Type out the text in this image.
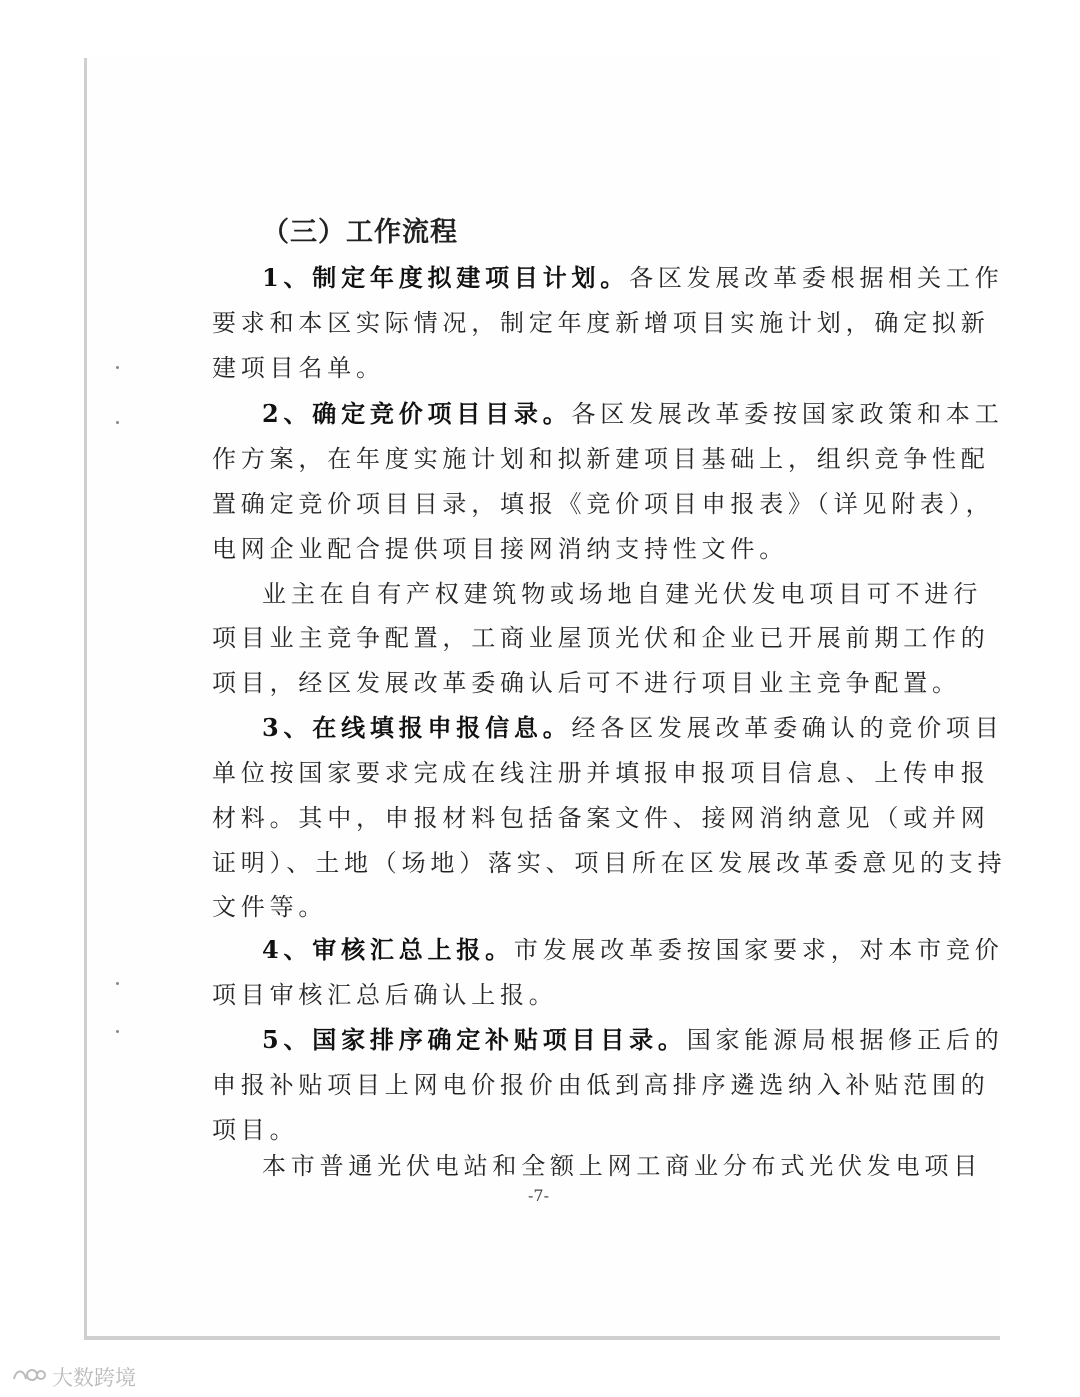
（三）工作流程
1、制定年度拟建项目计划。各区发展改革委根据相关工作
要求和本区实际情况，制定年度新增项目实施计划，确定拟新
建项目名单。
2、确定竞价项目目录。各区发展改革委按国家政策和本工
作方案，在年度实施计划和拟新建项目基础上，组织竞争性配
置确定竞价项目目录，填报《竞价项目申报表》（详见附表），
电网企业配合提供项目接网消纳支持性文件。
业主在自有产权建筑物或场地自建光伏发电项目可不进行
项目业主竞争配置，工商业屋顶光伏和企业已开展前期工作的
项目，经区发展改革委确认后可不进行项目业主竞争配置。
3、在线填报申报信息。经各区发展改革委确认的竞价项目
单位按国家要求完成在线注册并填报申报项目信息、上传申报
材料。其中，申报材料包括备案文件、接网消纳意见（或并网
证明）、土地（场地）落实、项目所在区发展改革委意见的支持
文件等。
4、审核汇总上报。市发展改革委按国家要求，对本市竞价
项目审核汇总后确认上报。
5、国家排序确定补贴项目目录。国家能源局根据修正后的
申报补贴项目上网电价报价由低到高排序遴选纳入补贴范围的
项目。
本市普通光伏电站和全额上网工商业分布式光伏发电项目
-7-
大数跨境
